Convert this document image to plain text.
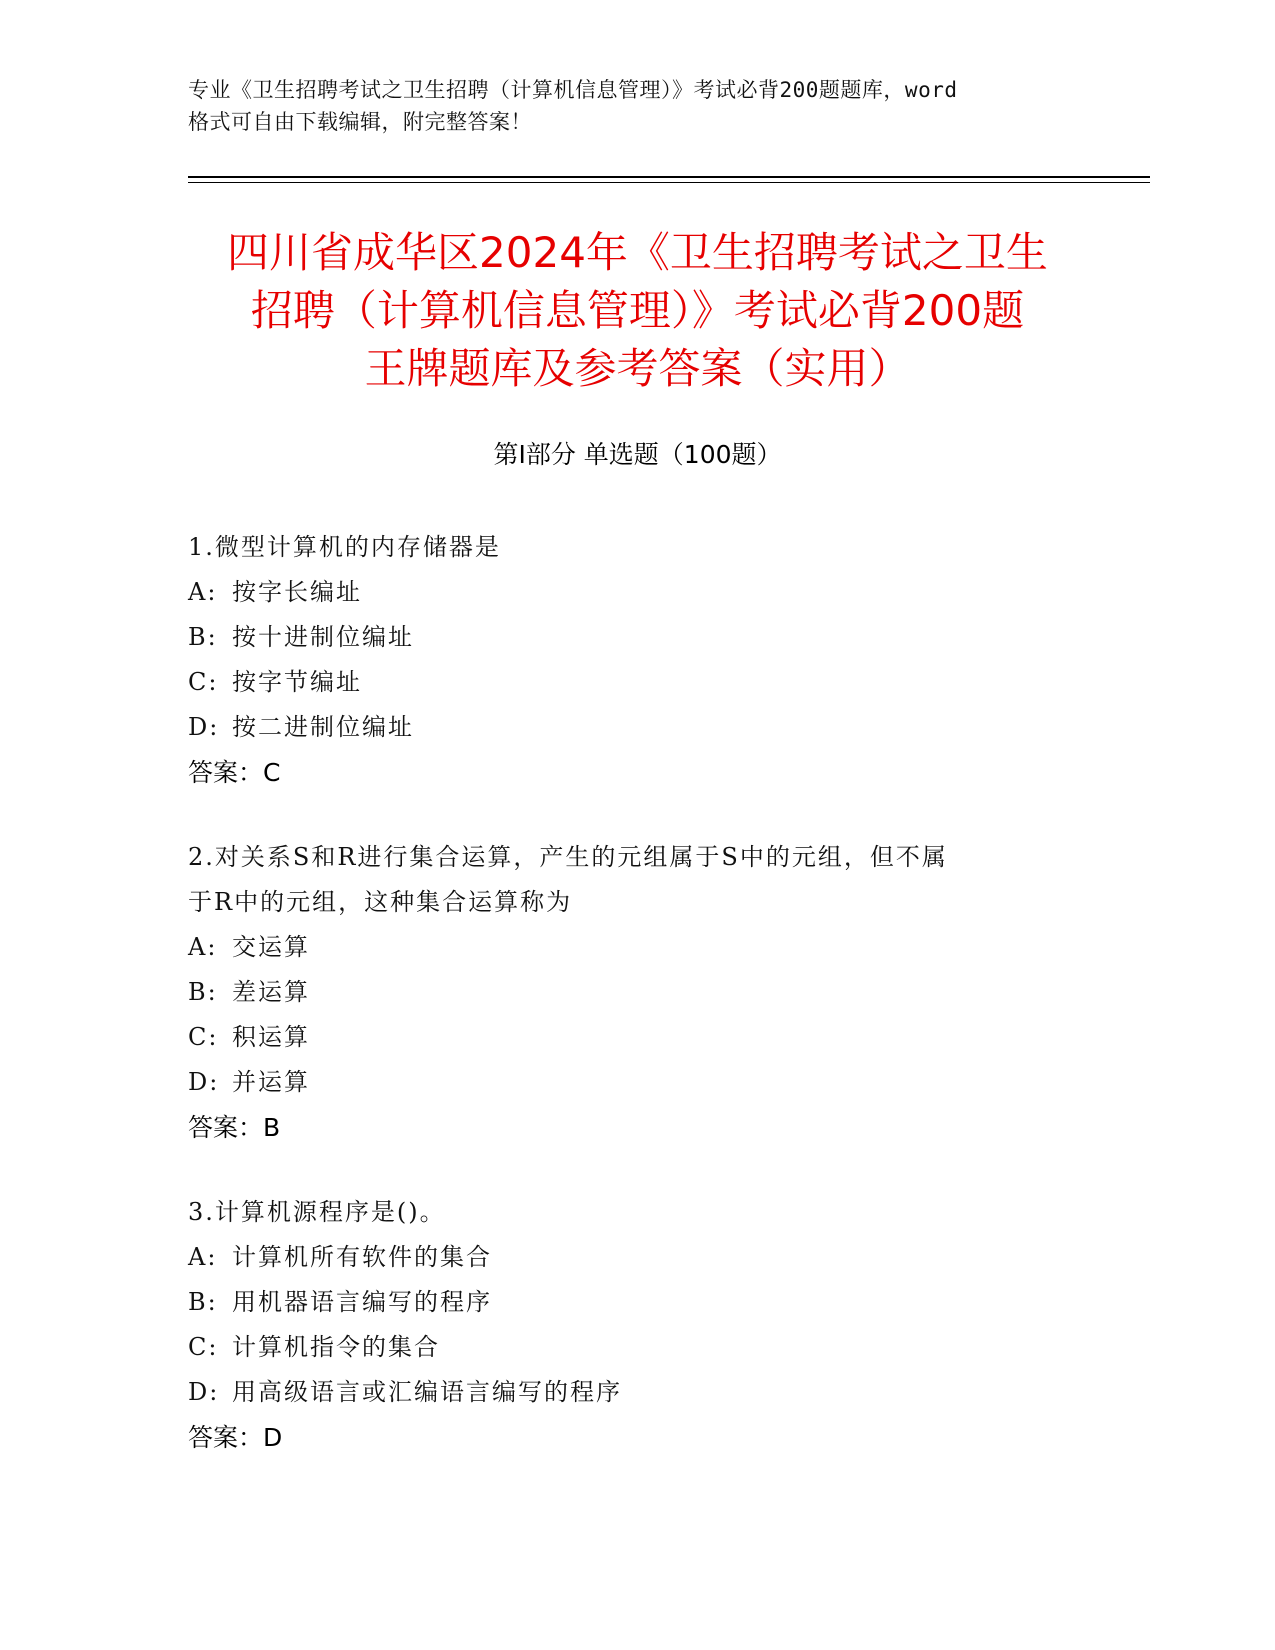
专业《卫生招聘考试之卫生招聘（计算机信息管理）》考试必背200题题库，word
格式可自由下载编辑，附完整答案！
四川省成华区2024年《卫生招聘考试之卫生
招聘（计算机信息管理）》考试必背200题
王牌题库及参考答案（实用）
第Ⅰ部分 单选题（100题）
1.微型计算机的内存储器是
A: 按字长编址
B: 按十进制位编址
C: 按字节编址
D: 按二进制位编址
答案：C
2.对关系S和R进行集合运算，产生的元组属于S中的元组，但不属
于R中的元组，这种集合运算称为
A: 交运算
B: 差运算
C: 积运算
D: 并运算
答案：B
3.计算机源程序是()。
A: 计算机所有软件的集合
B: 用机器语言编写的程序
C: 计算机指令的集合
D: 用高级语言或汇编语言编写的程序
答案：D
